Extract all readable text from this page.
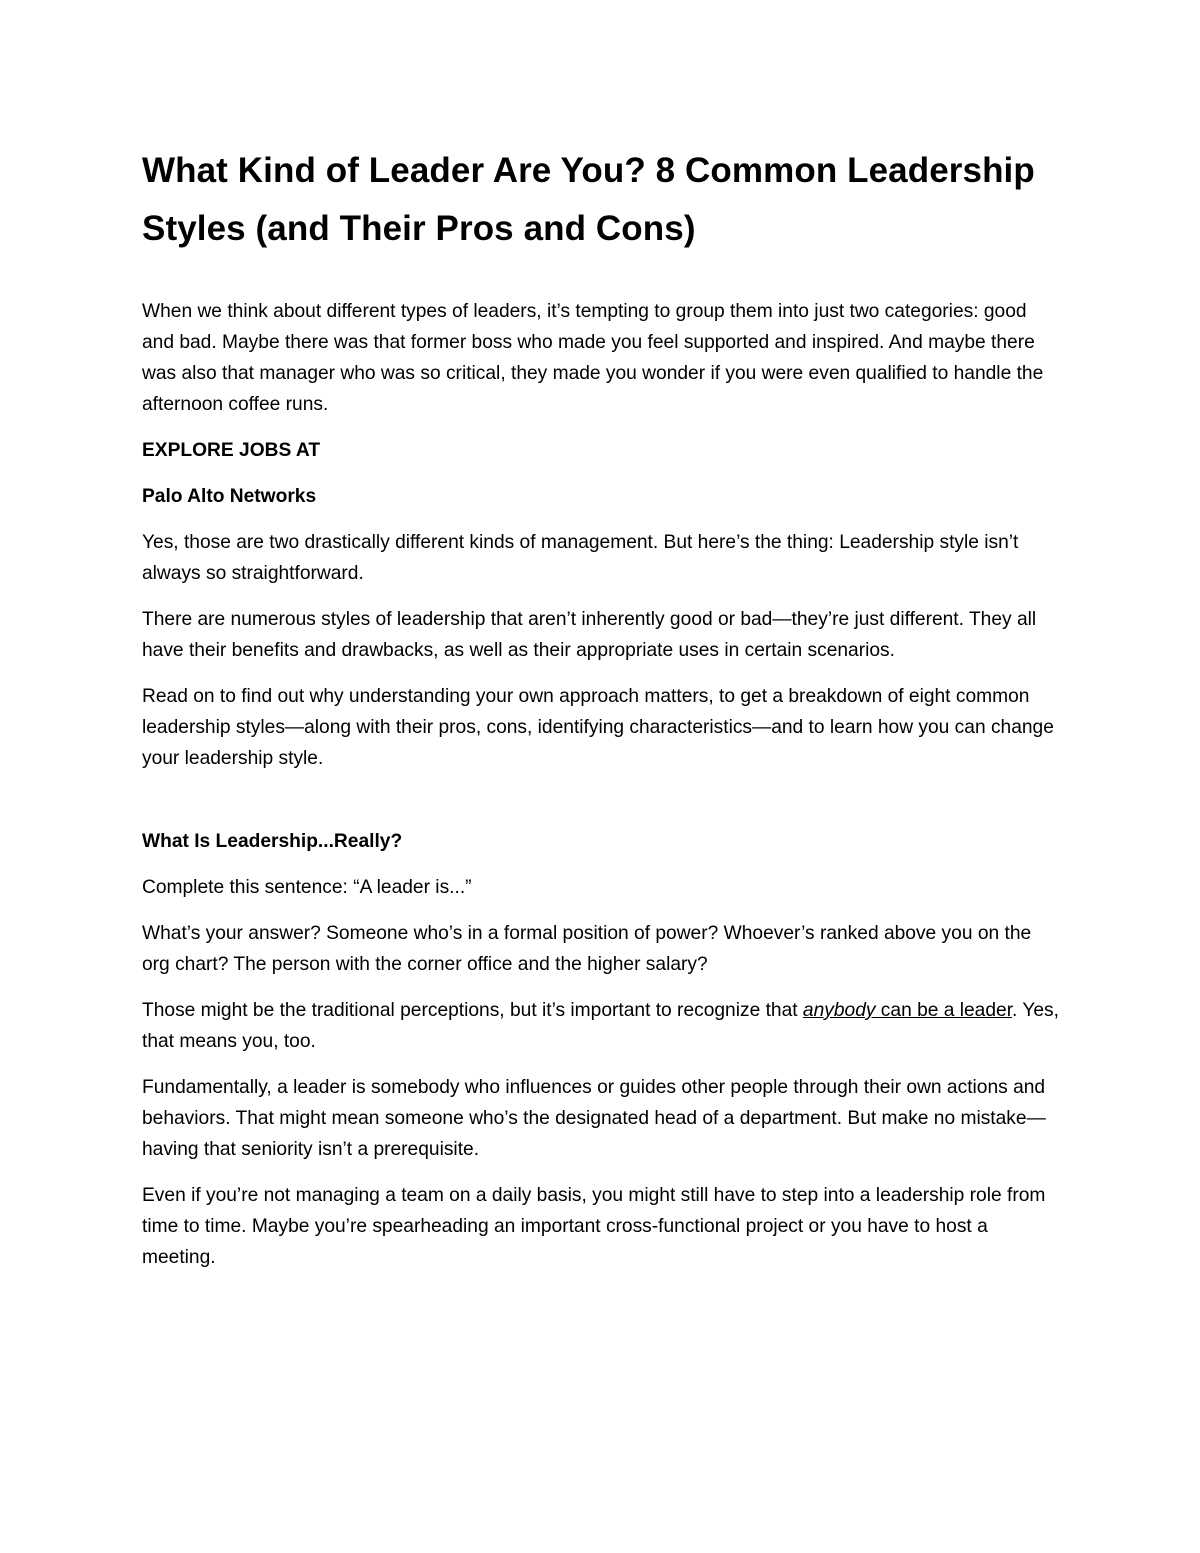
What Kind of Leader Are You? 8 Common Leadership Styles (and Their Pros and Cons)

When we think about different types of leaders, it’s tempting to group them into just two categories: good and bad. Maybe there was that former boss who made you feel supported and inspired. And maybe there was also that manager who was so critical, they made you wonder if you were even qualified to handle the afternoon coffee runs.

EXPLORE JOBS AT

Palo Alto Networks

Yes, those are two drastically different kinds of management. But here’s the thing: Leadership style isn’t always so straightforward.

There are numerous styles of leadership that aren’t inherently good or bad—they’re just different. They all have their benefits and drawbacks, as well as their appropriate uses in certain scenarios.

Read on to find out why understanding your own approach matters, to get a breakdown of eight common leadership styles—along with their pros, cons, identifying characteristics—and to learn how you can change your leadership style.

What Is Leadership...Really?

Complete this sentence: “A leader is...”

What’s your answer? Someone who’s in a formal position of power? Whoever’s ranked above you on the org chart? The person with the corner office and the higher salary?

Those might be the traditional perceptions, but it’s important to recognize that anybody can be a leader. Yes, that means you, too.

Fundamentally, a leader is somebody who influences or guides other people through their own actions and behaviors. That might mean someone who’s the designated head of a department. But make no mistake—having that seniority isn’t a prerequisite.

Even if you’re not managing a team on a daily basis, you might still have to step into a leadership role from time to time. Maybe you’re spearheading an important cross-functional project or you have to host a meeting.
